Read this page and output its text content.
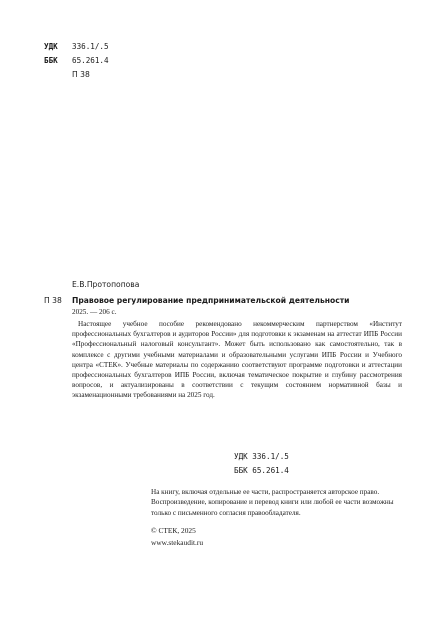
УДК 336.1/.5
ББК 65.261.4
П 38
Е.В.Протопопова
П 38 Правовое регулирование предпринимательской деятельности
2025. — 206 с.
Настоящее учебное пособие рекомендовано некоммерческим партнерством «Институт профессиональных бухгалтеров и аудиторов России» для подготовки к экзаменам на аттестат ИПБ России «Профессиональный налоговый консультант». Может быть использовано как самостоятельно, так в комплексе с другими учебными материалами и образовательными услугами ИПБ России и Учебного центра «СТЕК». Учебные материалы по содержанию соответствуют программе подготовки и аттестации профессиональных бухгалтеров ИПБ России, включая тематическое покрытие и глубину рассмотрения вопросов, и актуализированы в соответствии с текущим состоянием нормативной базы и экзаменационными требованиями на 2025 год.
УДК 336.1/.5
ББК 65.261.4
На книгу, включая отдельные ее части, распространяется авторское право. Воспроизведение, копирование и перевод книги или любой ее части возможны только с письменного согласия правообладателя.
© СТЕК, 2025
www.stekaudit.ru
